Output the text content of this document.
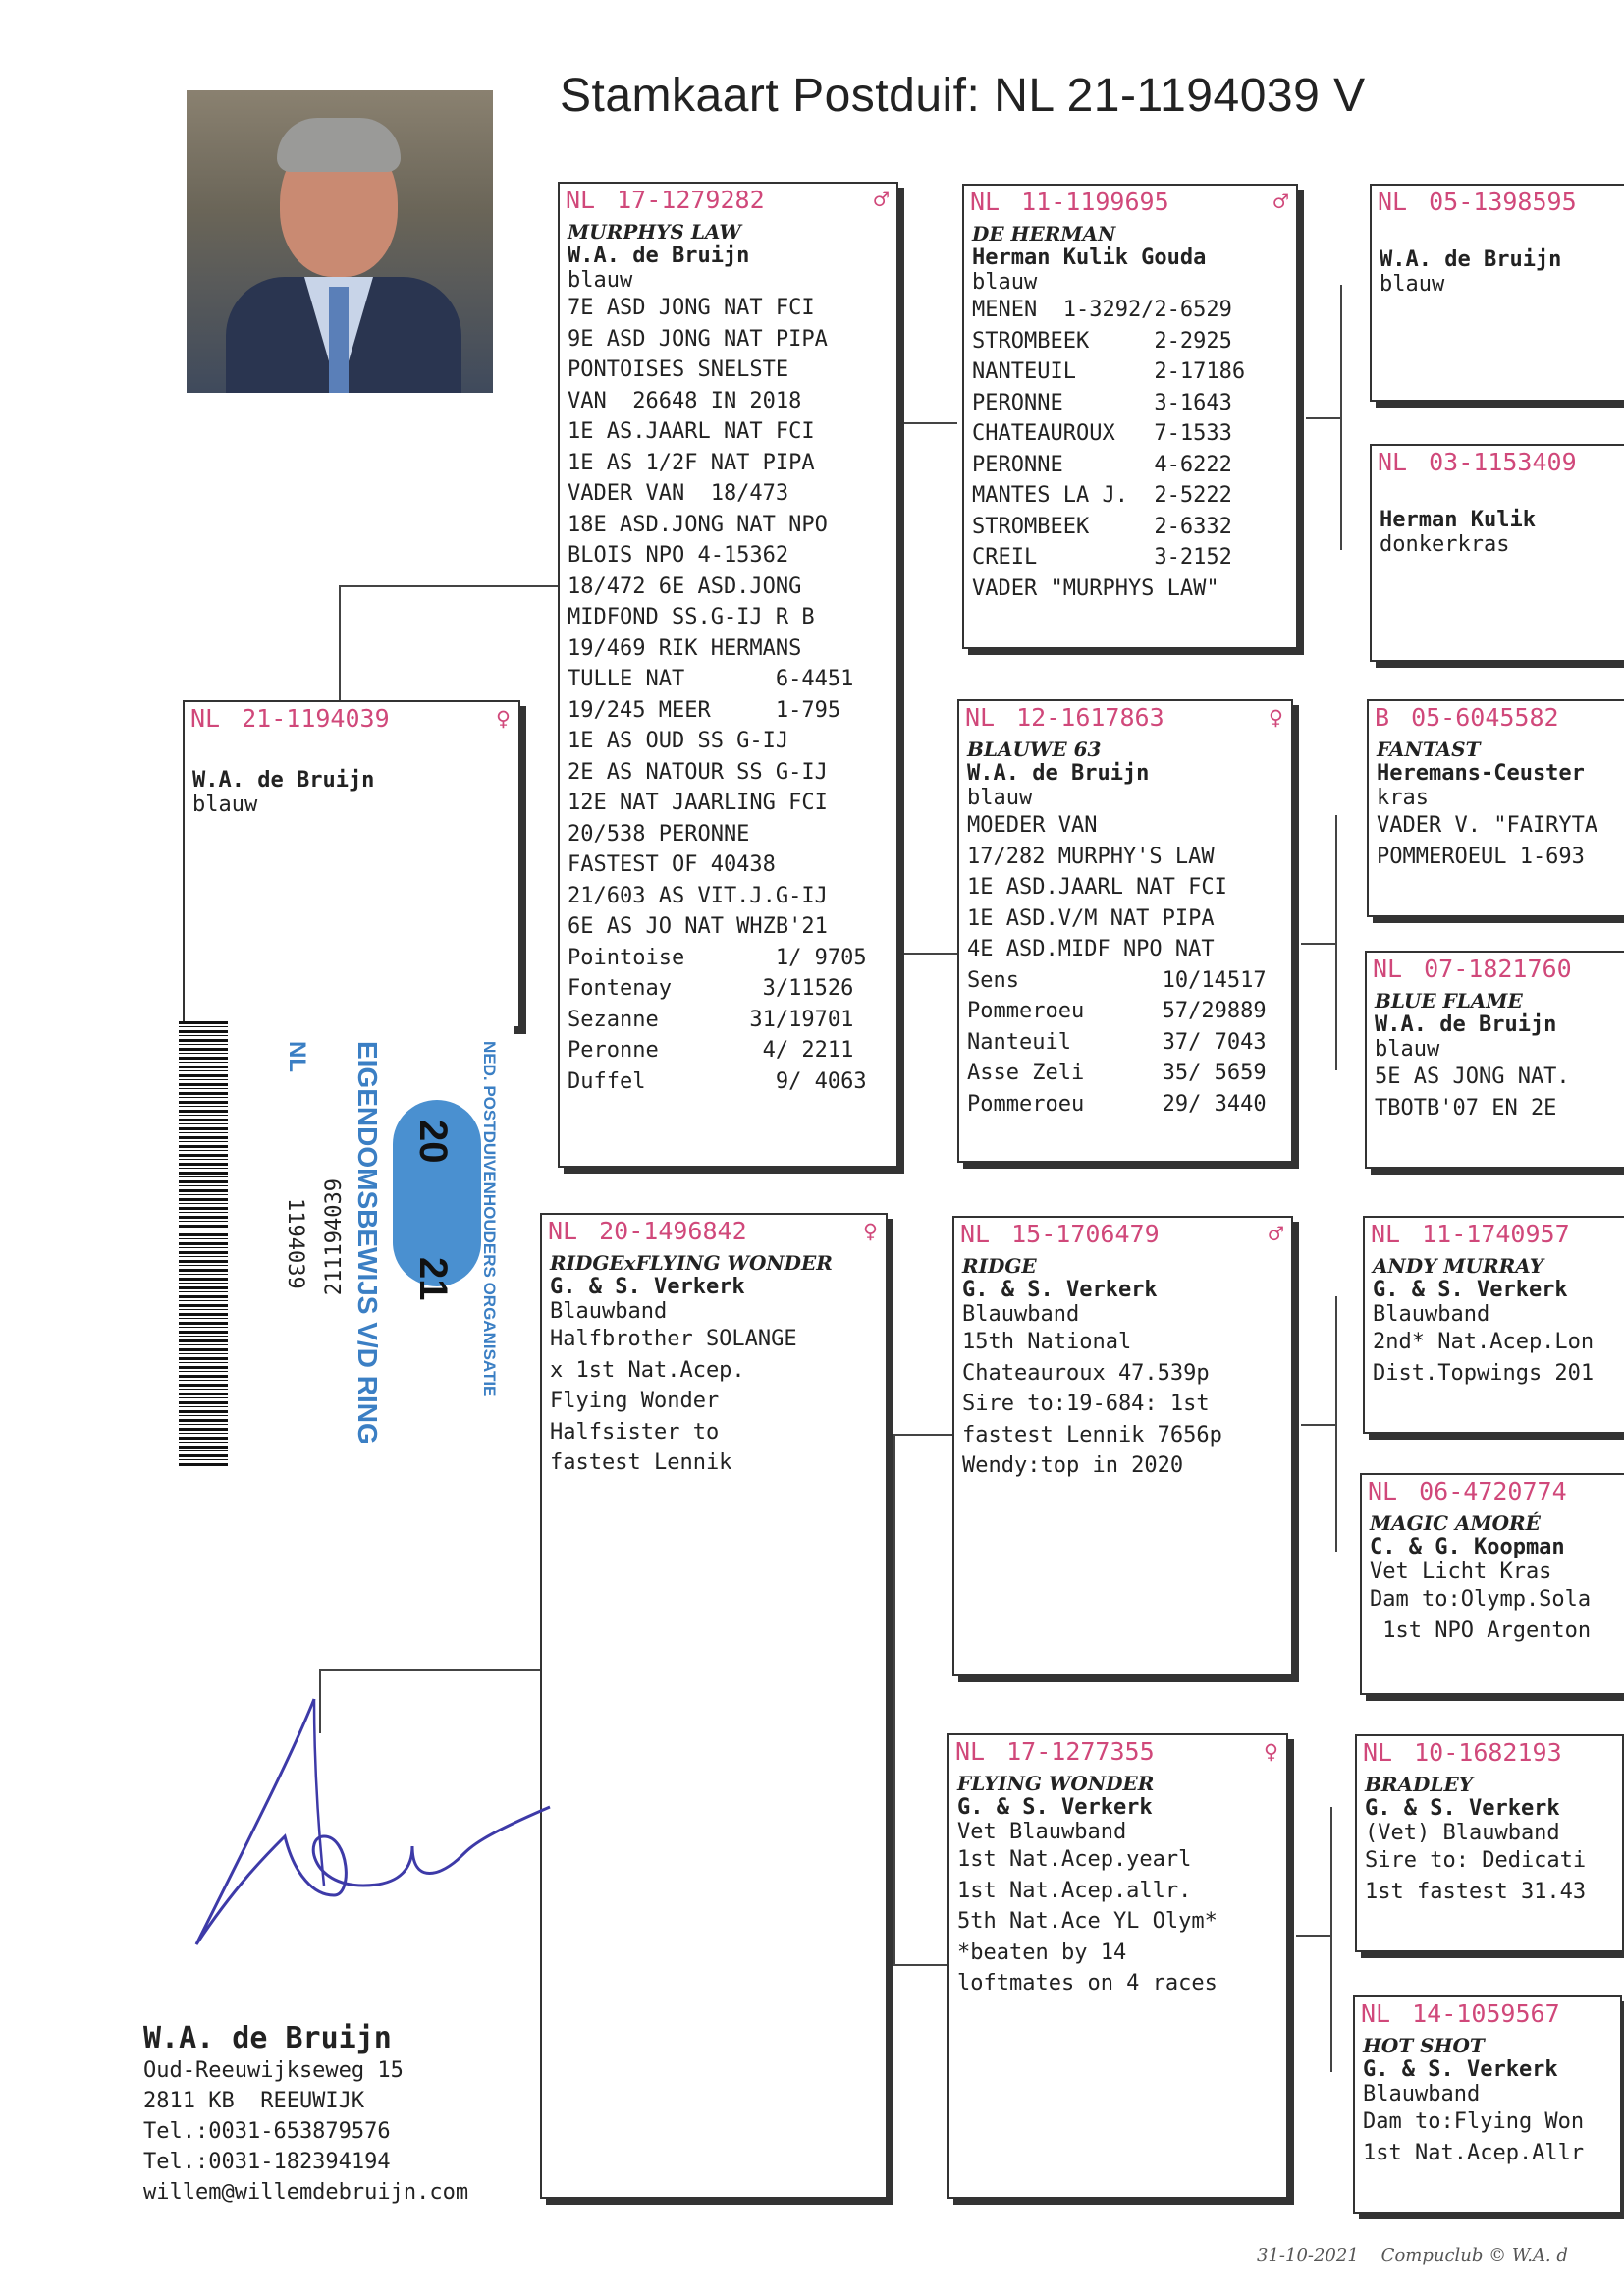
Stamkaart Postduif: NL 21-1194039 V
NL 21-1194039	♀
W.A. de Bruijn
blauw
NL 17-1279282	♂
MURPHYS LAW
W.A. de Bruijn
blauw
7E ASD JONG NAT FCI
9E ASD JONG NAT PIPA
PONTOISES SNELSTE
VAN  26648 IN 2018
1E AS.JAARL NAT FCI
1E AS 1/2F NAT PIPA
VADER VAN  18/473
18E ASD.JONG NAT NPO
BLOIS NPO 4-15362
18/472 6E ASD.JONG
MIDFOND SS.G-IJ R B
19/469 RIK HERMANS
TULLE NAT       6-4451
19/245 MEER     1-795
1E AS OUD SS G-IJ
2E AS NATOUR SS G-IJ
12E NAT JAARLING FCI
20/538 PERONNE
FASTEST OF 40438
21/603 AS VIT.J.G-IJ
6E AS JO NAT WHZB'21
Pointoise       1/ 9705
Fontenay       3/11526
Sezanne       31/19701
Peronne        4/ 2211
Duffel          9/ 4063
NL 20-1496842	♀
RIDGExFLYING WONDER
G. & S. Verkerk
Blauwband
Halfbrother SOLANGE
x 1st Nat.Acep.
Flying Wonder
Halfsister to
fastest Lennik
NL 11-1199695	♂
DE HERMAN
Herman Kulik Gouda
blauw
MENEN  1-3292/2-6529
STROMBEEK     2-2925
NANTEUIL      2-17186
PERONNE       3-1643
CHATEAUROUX   7-1533
PERONNE       4-6222
MANTES LA J.  2-5222
STROMBEEK     2-6332
CREIL         3-2152
VADER "MURPHYS LAW"
NL 12-1617863	♀
BLAUWE 63
W.A. de Bruijn
blauw
MOEDER VAN
17/282 MURPHY'S LAW
1E ASD.JAARL NAT FCI
1E ASD.V/M NAT PIPA
4E ASD.MIDF NPO NAT
Sens           10/14517
Pommeroeu      57/29889
Nanteuil       37/ 7043
Asse Zeli      35/ 5659
Pommeroeu      29/ 3440
NL 15-1706479	♂
RIDGE
G. & S. Verkerk
Blauwband
15th National
Chateauroux 47.539p
Sire to:19-684: 1st
fastest Lennik 7656p
Wendy:top in 2020
NL 17-1277355	♀
FLYING WONDER
G. & S. Verkerk
Vet Blauwband
1st Nat.Acep.yearl
1st Nat.Acep.allr.
5th Nat.Ace YL Olym*
*beaten by 14
loftmates on 4 races
NL 05-1398595
W.A. de Bruijn
blauw
NL 03-1153409
Herman Kulik
donkerkras
B 05-6045582
FANTAST
Heremans-Ceuster
kras
VADER V. "FAIRYTA
POMMEROEUL 1-693
NL 07-1821760
BLUE FLAME
W.A. de Bruijn
blauw
5E AS JONG NAT.
TBOTB'07 EN 2E
NL 11-1740957
ANDY MURRAY
G. & S. Verkerk
Blauwband
2nd* Nat.Acep.Lon
Dist.Topwings 201
NL 06-4720774
MAGIC AMORÉ
C. & G. Koopman
Vet Licht Kras
Dam to:Olymp.Sola
1st NPO Argenton
NL 10-1682193
BRADLEY
G. & S. Verkerk
(Vet) Blauwband
Sire to: Dedicati
1st fastest 31.43
NL 14-1059567
HOT SHOT
G. & S. Verkerk
Blauwband
Dam to:Flying Won
1st Nat.Acep.Allr
211194039
NL
1194039 EIGENDOMSBEWIJS V/D RING 20
21 NED. POSTDUIVENHOUDERS ORGANISATIE
W.A. de Bruijn
Oud-Reeuwijkseweg 15
2811 KB  REEUWIJK
Tel.:0031-653879576
Tel.:0031-182394194
willem@willemdebruijn.com
31-10-2021 Compuclub © W.A. d
